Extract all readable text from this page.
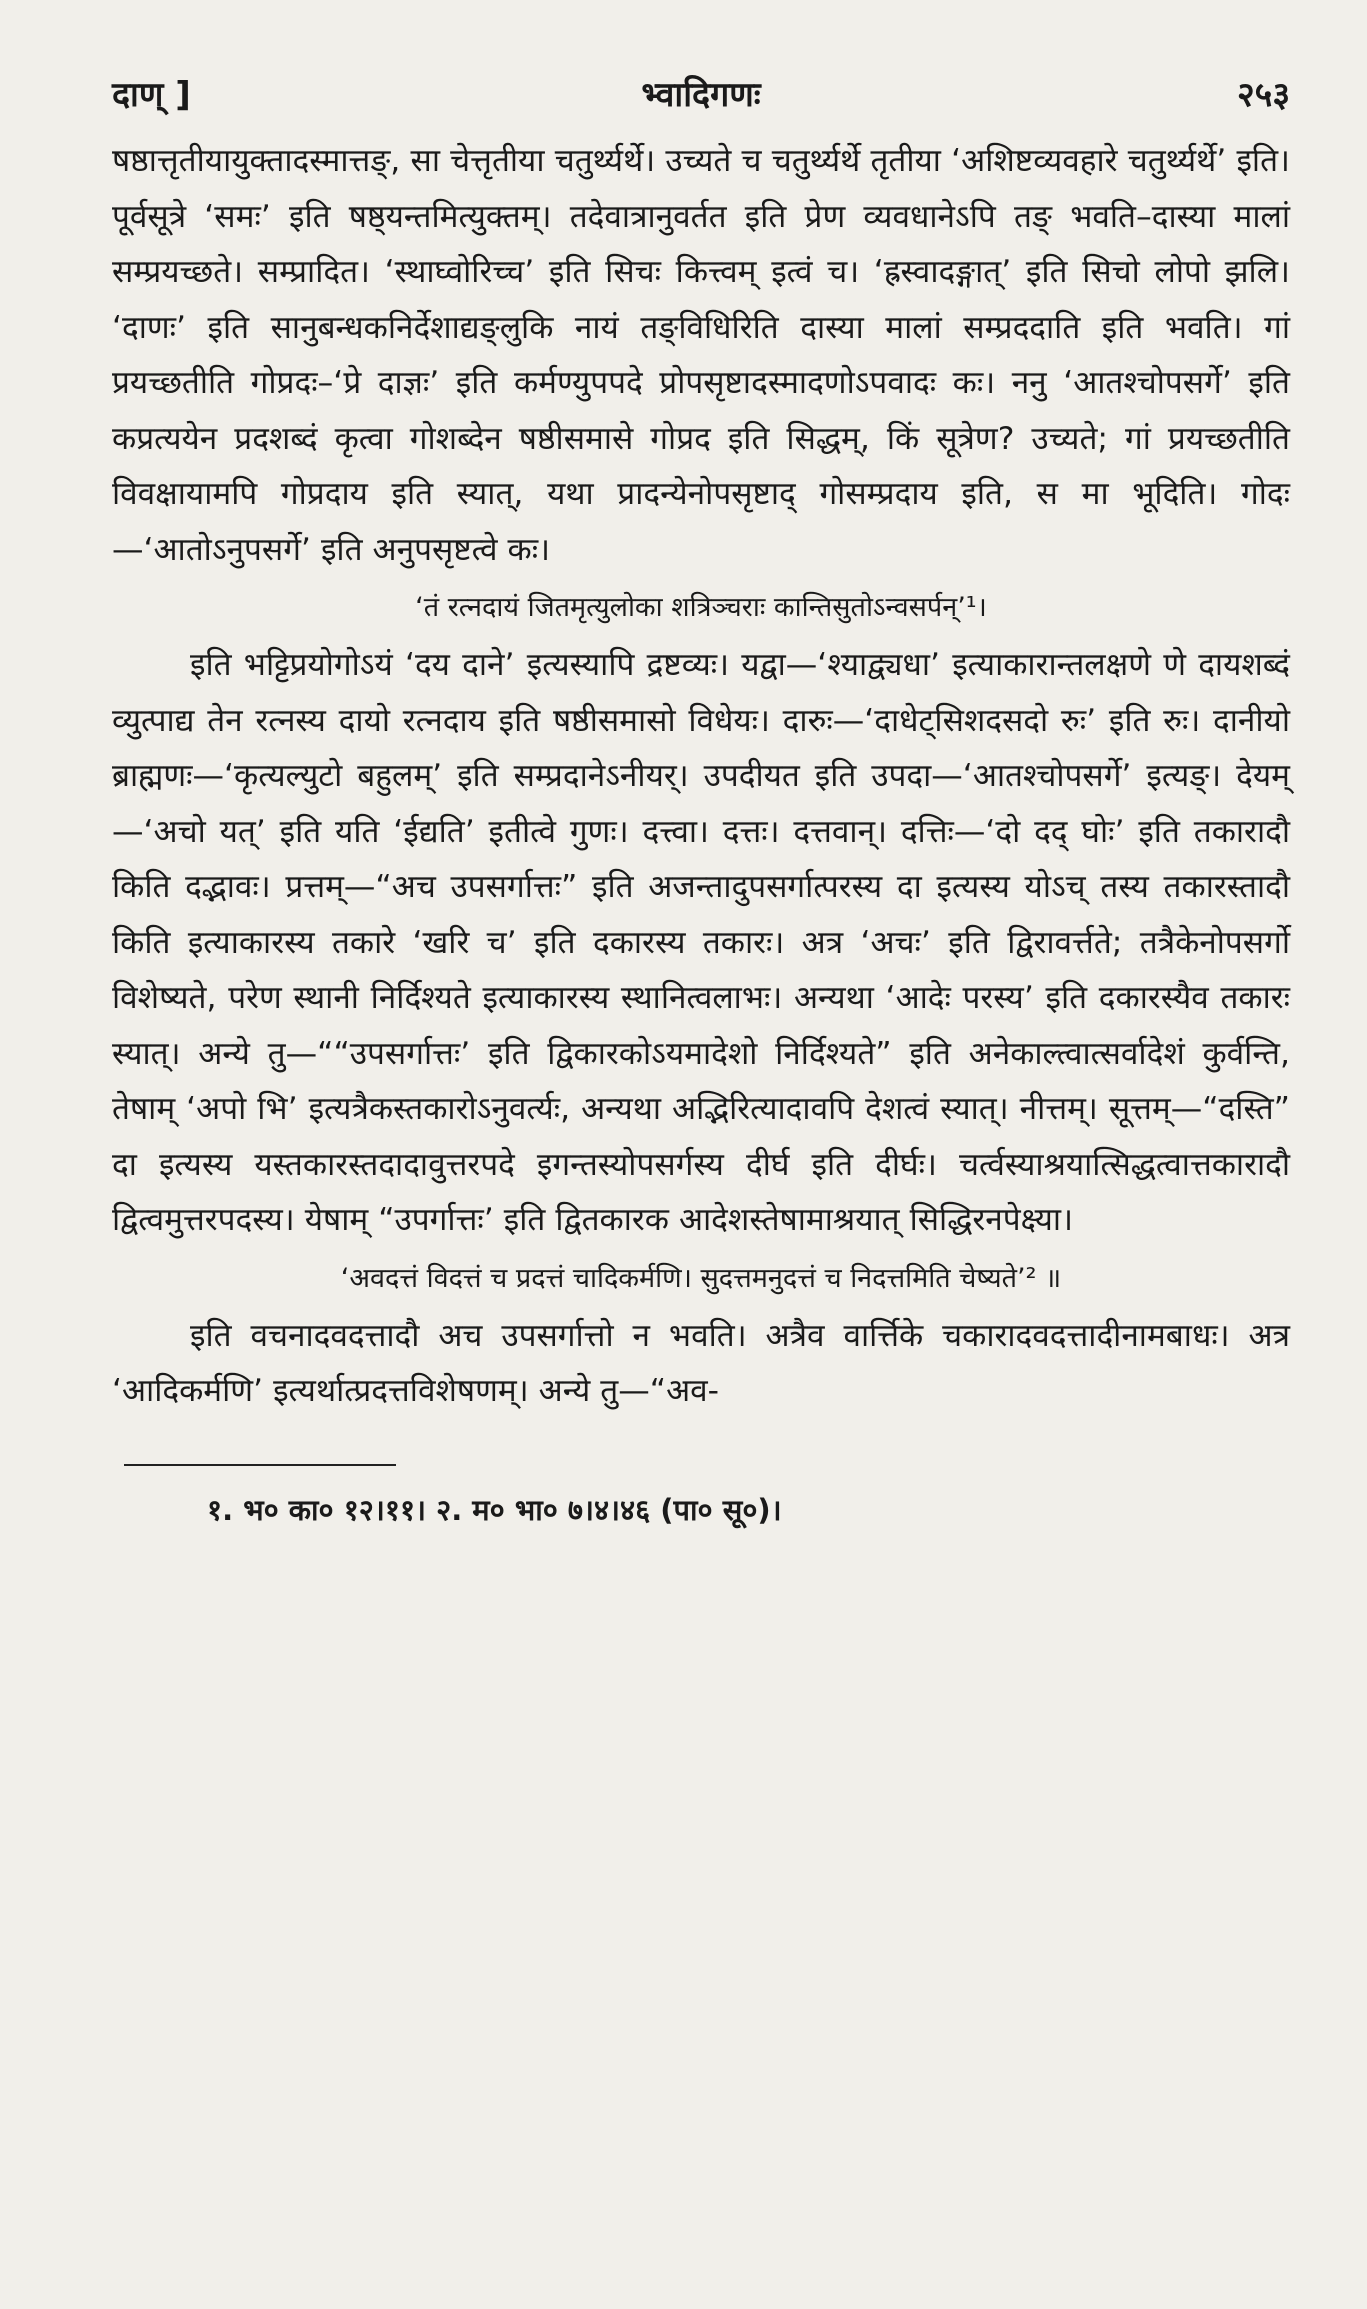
दाण् ]	भ्वादिगणः	२५३

षष्ठात्तृतीयायुक्तादस्मात्तङ्, सा चेत्तृतीया चतुर्थ्यर्थे। उच्यते च चतुर्थ्यर्थे तृतीया ‘अशिष्टव्यवहारे चतुर्थ्यर्थे’ इति। पूर्वसूत्रे ‘समः’ इति षष्ठ्यन्तमित्युक्तम्। तदेवात्रानुवर्तत इति प्रेण व्यवधानेऽपि तङ् भवति–दास्या मालां सम्प्रयच्छते। सम्प्रादित। ‘स्थाघ्वोरिच्च’ इति सिचः कित्त्वम् इत्वं च। ‘ह्रस्वादङ्गात्’ इति सिचो लोपो झलि। ‘दाणः’ इति सानुबन्धकनिर्देशाद्यङ्लुकि नायं तङ्विधिरिति दास्या मालां सम्प्रददाति इति भवति। गां प्रयच्छतीति गोप्रदः–‘प्रे दाज्ञः’ इति कर्मण्युपपदे प्रोपसृष्टादस्मादणोऽपवादः कः। ननु ‘आतश्चोपसर्गे’ इति कप्रत्ययेन प्रदशब्दं कृत्वा गोशब्देन षष्ठीसमासे गोप्रद इति सिद्धम्, किं सूत्रेण? उच्यते; गां प्रयच्छतीति विवक्षायामपि गोप्रदाय इति स्यात्, यथा प्रादन्येनोपसृष्टाद् गोसम्प्रदाय इति, स मा भूदिति। गोदः—‘आतोऽनुपसर्गे’ इति अनुपसृष्टत्वे कः।

‘तं रत्नदायं जितमृत्युलोका शत्रिञ्चराः कान्तिसुतोऽन्वसर्पन्’¹।

इति भट्टिप्रयोगोऽयं ‘दय दाने’ इत्यस्यापि द्रष्टव्यः। यद्वा—‘श्याद्व्यधा’ इत्याकारान्तलक्षणे णे दायशब्दं व्युत्पाद्य तेन रत्नस्य दायो रत्नदाय इति षष्ठीसमासो विधेयः। दारुः—‘दाधेट्सिशदसदो रुः’ इति रुः। दानीयो ब्राह्मणः—‘कृत्यल्युटो बहुलम्’ इति सम्प्रदानेऽनीयर्। उपदीयत इति उपदा—‘आतश्चोपसर्गे’ इत्यङ्। देयम्—‘अचो यत्’ इति यति ‘ईद्यति’ इतीत्वे गुणः। दत्त्वा। दत्तः। दत्तवान्। दत्तिः—‘दो दद् घोः’ इति तकारादौ किति दद्भावः। प्रत्तम्—“अच उपसर्गात्तः” इति अजन्तादुपसर्गात्परस्य दा इत्यस्य योऽच् तस्य तकारस्तादौ किति इत्याकारस्य तकारे ‘खरि च’ इति दकारस्य तकारः। अत्र ‘अचः’ इति द्विरावर्त्तते; तत्रैकेनोपसर्गो विशेष्यते, परेण स्थानी निर्दिश्यते इत्याकारस्य स्थानित्वलाभः। अन्यथा ‘आदेः परस्य’ इति दकारस्यैव तकारः स्यात्। अन्ये तु—““उपसर्गात्तः’ इति द्विकारकोऽयमादेशो निर्दिश्यते” इति अनेकाल्त्वात्सर्वादेशं कुर्वन्ति, तेषाम् ‘अपो भि’ इत्यत्रैकस्तकारोऽनुवर्त्यः, अन्यथा अद्भिरित्यादावपि देशत्वं स्यात्। नीत्तम्। सूत्तम्—“दस्ति” दा इत्यस्य यस्तकारस्तदादावुत्तरपदे इगन्तस्योपसर्गस्य दीर्घ इति दीर्घः। चर्त्वस्याश्रयात्सिद्धत्वात्तकारादौ द्वित्वमुत्तरपदस्य। येषाम् “उपर्गात्तः’ इति द्वितकारक आदेशस्तेषामाश्रयात् सिद्धिरनपेक्ष्या।

‘अवदत्तं विदत्तं च प्रदत्तं चादिकर्मणि। सुदत्तमनुदत्तं च निदत्तमिति चेष्यते’² ॥

इति वचनादवदत्तादौ अच उपसर्गात्तो न भवति। अत्रैव वार्त्तिके चकारादवदत्तादीनामबाधः। अत्र ‘आदिकर्मणि’ इत्यर्थात्प्रदत्तविशेषणम्। अन्ये तु—“अव-

१. भ० का० १२।११। २. म० भा० ७।४।४६ (पा० सू०)।
